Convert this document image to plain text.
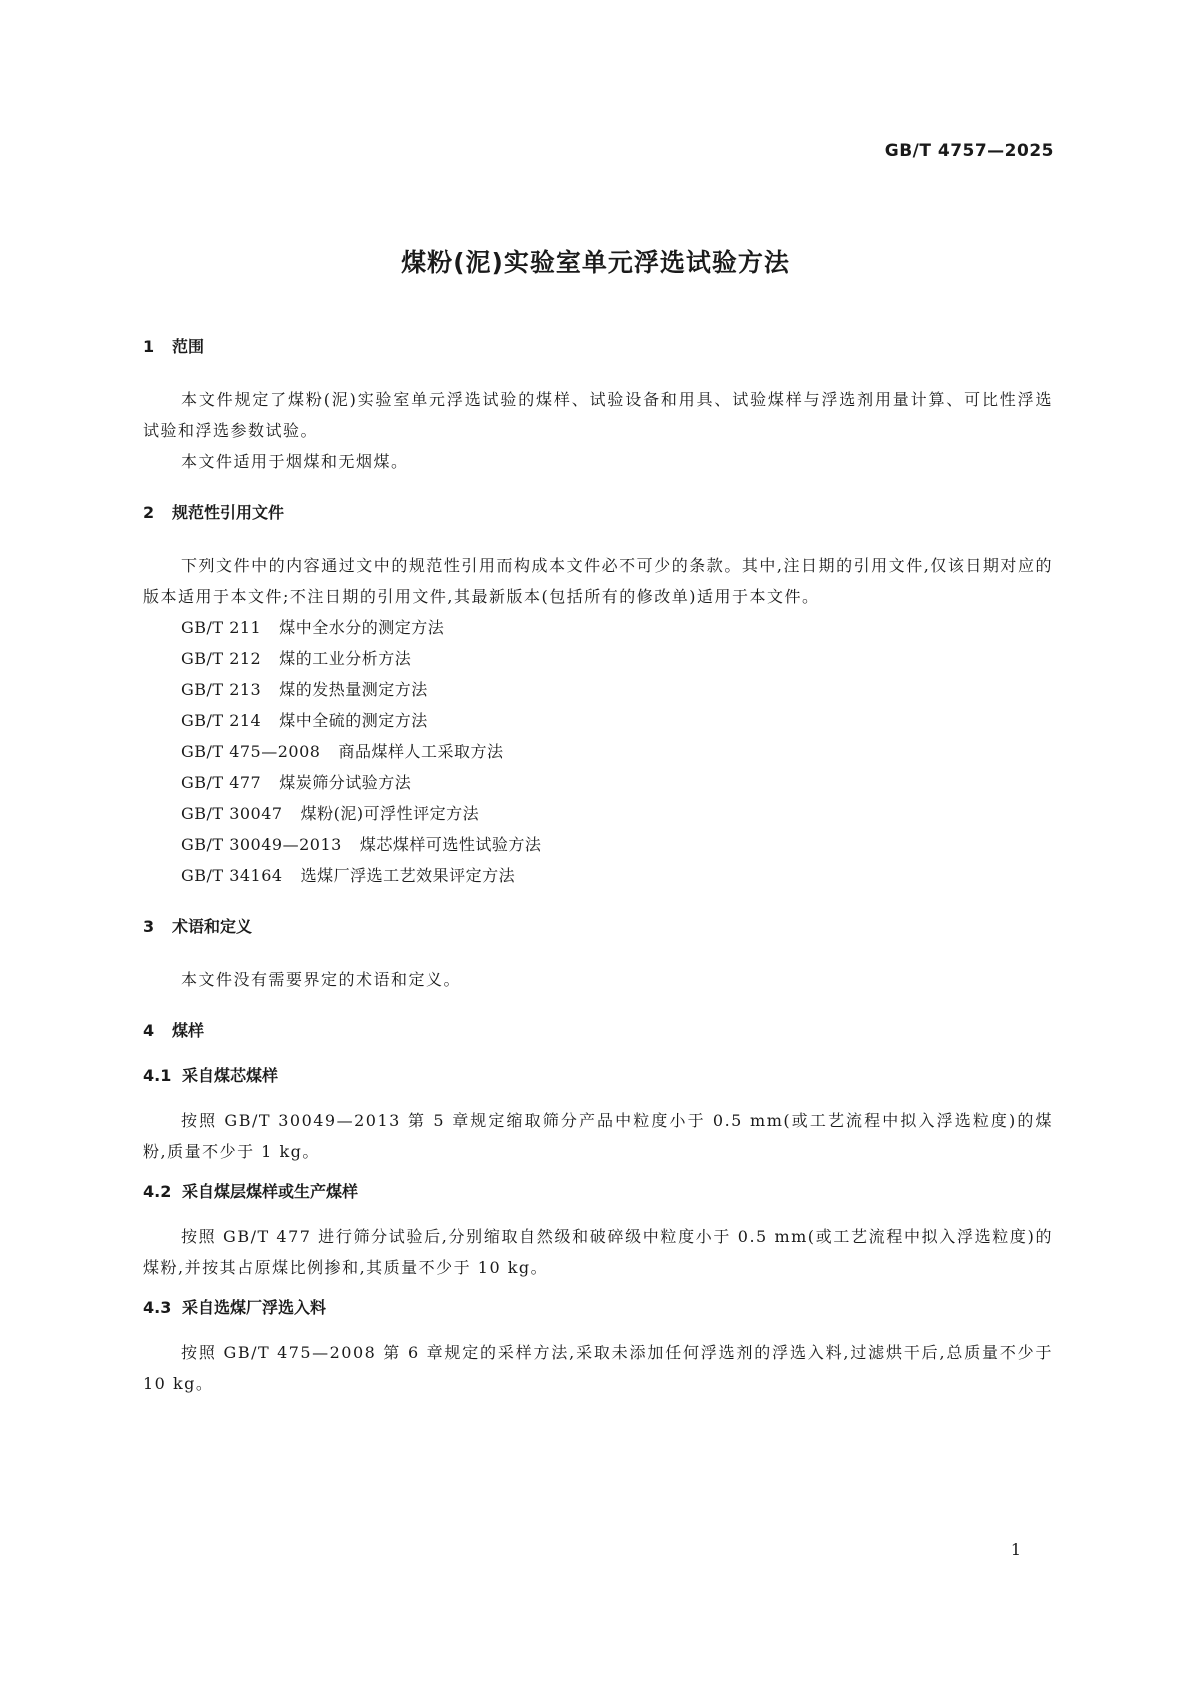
GB/T 4757—2025
煤粉(泥)实验室单元浮选试验方法
1 范围
本文件规定了煤粉(泥)实验室单元浮选试验的煤样、试验设备和用具、试验煤样与浮选剂用量计算、可比性浮选试验和浮选参数试验。
本文件适用于烟煤和无烟煤。
2 规范性引用文件
下列文件中的内容通过文中的规范性引用而构成本文件必不可少的条款。其中,注日期的引用文件,仅该日期对应的版本适用于本文件;不注日期的引用文件,其最新版本(包括所有的修改单)适用于本文件。
GB/T 211 煤中全水分的测定方法
GB/T 212 煤的工业分析方法
GB/T 213 煤的发热量测定方法
GB/T 214 煤中全硫的测定方法
GB/T 475—2008 商品煤样人工采取方法
GB/T 477 煤炭筛分试验方法
GB/T 30047 煤粉(泥)可浮性评定方法
GB/T 30049—2013 煤芯煤样可选性试验方法
GB/T 34164 选煤厂浮选工艺效果评定方法
3 术语和定义
本文件没有需要界定的术语和定义。
4 煤样
4.1 采自煤芯煤样
按照 GB/T 30049—2013 第 5 章规定缩取筛分产品中粒度小于 0.5 mm(或工艺流程中拟入浮选粒度)的煤粉,质量不少于 1 kg。
4.2 采自煤层煤样或生产煤样
按照 GB/T 477 进行筛分试验后,分别缩取自然级和破碎级中粒度小于 0.5 mm(或工艺流程中拟入浮选粒度)的煤粉,并按其占原煤比例掺和,其质量不少于 10 kg。
4.3 采自选煤厂浮选入料
按照 GB/T 475—2008 第 6 章规定的采样方法,采取未添加任何浮选剂的浮选入料,过滤烘干后,总质量不少于 10 kg。
1
